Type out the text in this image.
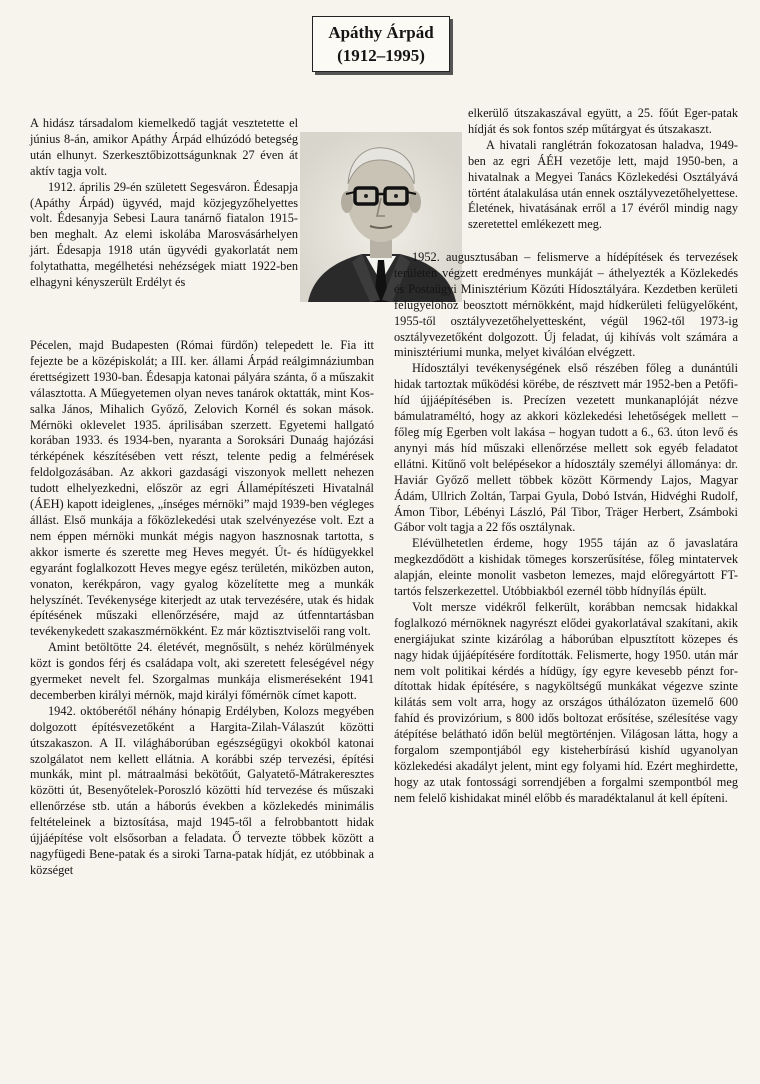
Apáthy Árpád
(1912–1995)

A hidász társadalom kiemelkedő tagját vesztetette el június 8-án, amikor Apáthy Árpád elhúzódó betegség után elhunyt. Szerkesztőbizottságunknak 27 éven át aktív tagja volt.

1912. április 29-én született Segesváron. Édesapja (Apáthy Árpád) ügyvéd, majd közjegyzőhelyettes volt. Édesanyja Sebesi Laura tanárnő fiatalon 1915-ben meghalt. Az elemi iskolába Marosvásárhelyen járt. Édesapja 1918 után ügyvédi gyakorlatát nem folytathatta, megélhetési nehézségek miatt 1922-ben elhagyni kényszerült Erdélyt és

Pécelen, majd Budapesten (Római fürdőn) telepedett le. Fia itt fejezte be a középiskolát; a III. ker. állami Árpád reálgimnáziumban érettségizett 1930-ban. Édesapja katonai pályára szánta, ő a műszakit választotta. A Műegyetemen olyan neves tanárok oktatták, mint Kossalka János, Mihalich Győző, Zelovich Kornél és sokan mások. Mérnöki oklevelet 1935. áprilisában szerzett. Egyetemi hallgató korában 1933. és 1934-ben, nyaranta a Soroksári Dunaág hajózási térképének készítésében vett részt, telente pedig a felmérések feldolgozásában. Az akkori gazdasági viszonyok mellett nehezen tudott elhelyezkedni, először az egri Államépítészeti Hivatalnál (ÁEH) kapott ideiglenes, „ínséges mérnöki” majd 1939-ben végleges állást. Első munkája a főközlekedési utak szelvényezése volt. Ezt a nem éppen mérnöki munkát mégis nagyon hasznosnak tartotta, s akkor ismerte és szerette meg Heves megyét. Út- és hídügyekkel egyaránt foglalkozott Heves megye egész területén, miközben auton, vonaton, kerékpáron, vagy gyalog közelítette meg a munkák helyszínét. Tevékenysége kiterjedt az utak tervezésére, utak és hidak építésének műszaki ellenőrzésére, majd az útfenntartásban tevékenykedett szakaszmérnökként. Ez már köztisztviselői rang volt.

Amint betöltötte 24. életévét, megnősült, s nehéz körülmények közt is gondos férj és családapa volt, aki szeretett feleségével négy gyermeket nevelt fel. Szorgalmas munkája elismeréseként 1941 decemberben királyi mérnök, majd királyi főmérnök címet kapott.

1942. októberétől néhány hónapig Erdélyben, Kolozs megyében dolgozott építésvezetőként a Hargita-Zilah-Válaszút közötti útszakaszon. A II. világháborúban egészségügyi okokból katonai szolgálatot nem kellett ellátnia. A korábbi szép tervezési, építési munkák, mint pl. mátraalmási bekötőút, Galyatető-Mátrakeresztes közötti út, Besenyőtelek-Poroszló közötti híd tervezése és műszaki ellenőrzése stb. után a háborús években a közlekedés minimális feltételeinek a biztosítása, majd 1945-től a felrobbantott hidak újjáépítése volt elsősorban a feladata. Ő tervezte többek között a nagyfügedi Bene-patak és a siroki Tarna-patak hídját, ez utóbbinak a községet

elkerülő útszakaszával együtt, a 25. főút Eger-patak hídját és sok fontos szép műtárgyat és útszakaszt.

A hivatali ranglétrán fokozatosan haladva, 1949-ben az egri ÁÉH vezetője lett, majd 1950-ben, a hivatalnak a Megyei Tanács Közlekedési Osztályává történt átalakulása után ennek osztályvezetőhelyettese. Életének, hivatásának erről a 17 évéről mindig nagy szeretettel emlékezett meg.

1952. augusztusában – felismerve a hídépítések és tervezések területén végzett eredményes munkáját – áthelyezték a Közlekedés és Postaügyi Minisztérium Közúti Hídosztályára. Kezdetben kerületi felügyelőhöz beosztott mérnökként, majd hídkerületi felügyelőként, 1955-től osztályvezetőhelyettesként, végül 1962-től 1973-ig osztályvezetőként dolgozott. Új feladat, új kihívás volt számára a minisztériumi munka, melyet kiválóan elvégzett.

Hídosztályi tevékenységének első részében főleg a dunántúli hidak tartoztak működési körébe, de résztvett már 1952-ben a Petőfi-híd újjáépítésében is. Precízen vezetett munkanaplóját nézve bámulatraméltó, hogy az akkori közlekedési lehetőségek mellett – főleg míg Egerben volt lakása – hogyan tudott a 6., 63. úton levő és anynyi más híd műszaki ellenőrzése mellett sok egyéb feladatot ellátni. Kitűnő volt belépésekor a hídosztály személyi állománya: dr. Haviár Győző mellett többek között Körmendy Lajos, Magyar Ádám, Ullrich Zoltán, Tarpai Gyula, Dobó István, Hidvéghi Rudolf, Ámon Tibor, Lébényi László, Pál Tibor, Träger Herbert, Zsámboki Gábor volt tagja a 22 fős osztálynak.

Elévülhetetlen érdeme, hogy 1955 táján az ő javaslatára megkezdődött a kishidak tömeges korszerűsítése, főleg mintatervek alapján, eleinte monolit vasbeton lemezes, majd előregyártott FT-tartós felszerkezettel. Utóbbiakból ezernél több hídnyílás épült.

Volt mersze vidékről felkerült, korábban nemcsak hidakkal foglalkozó mérnöknek nagyrészt elődei gyakorlatával szakítani, akik energiájukat szinte kizárólag a háborúban elpusztított közepes és nagy hidak újjáépítésére fordították. Felismerte, hogy 1950. után már nem volt politikai kérdés a hídügy, így egyre kevesebb pénzt fordítottak hidak építésére, s nagyköltségű munkákat végezve szinte kilátás sem volt arra, hogy az országos úthálózaton üzemelő 600 fahíd és provizórium, s 800 idős boltozat erősítése, szélesítése vagy átépítése belátható időn belül megtörténjen. Világosan látta, hogy a forgalom szempontjából egy kisteherbírású kishíd ugyanolyan közlekedési akadályt jelent, mint egy folyami híd. Ezért meghirdette, hogy az utak fontossági sorrendjében a forgalmi szempontból meg nem felelő kishidakat minél előbb és maradéktalanul át kell építeni.
